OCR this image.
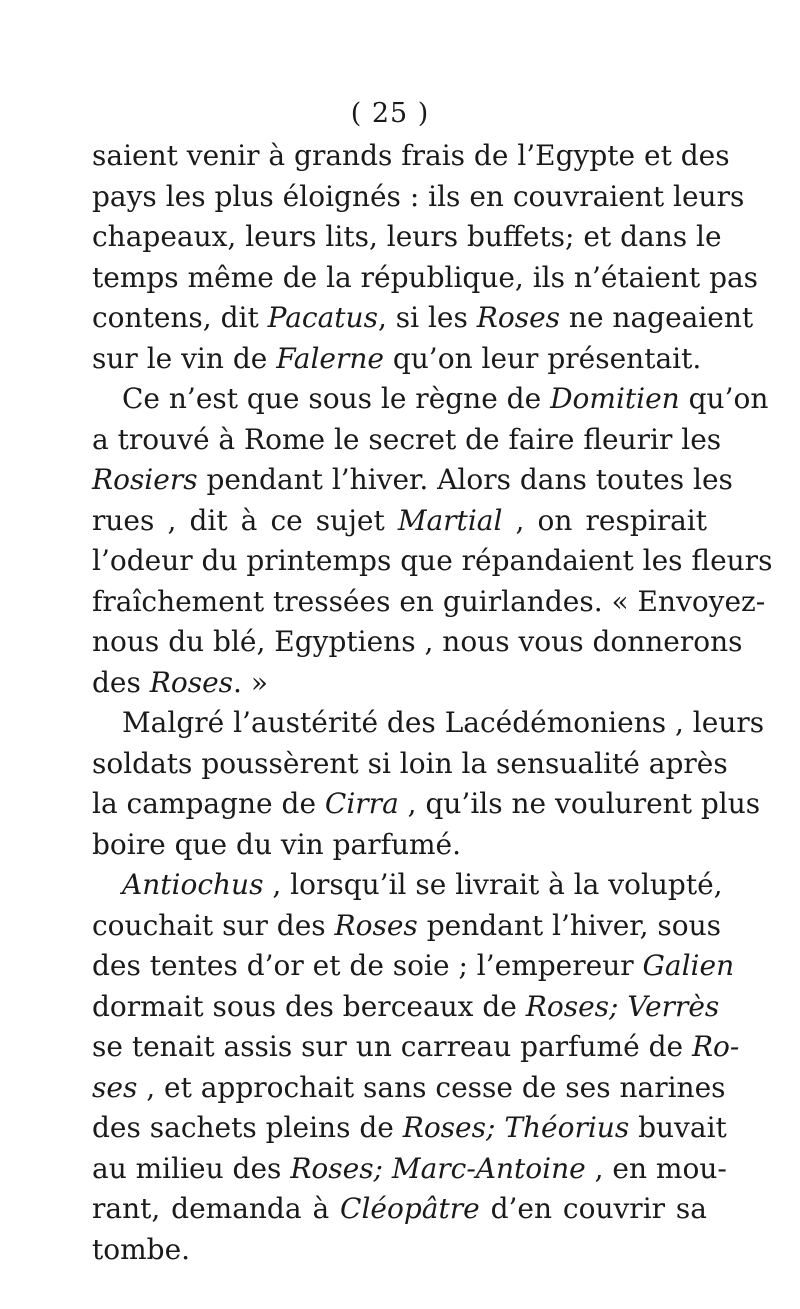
( 25 )
saient venir à grands frais de l’Egypte et des
pays les plus éloignés : ils en couvraient leurs
chapeaux, leurs lits, leurs buffets; et dans le
temps même de la république, ils n’étaient pas
contens, dit Pacatus, si les Roses ne nageaient
sur le vin de Falerne qu’on leur présentait.
Ce n’est que sous le règne de Domitien qu’on
a trouvé à Rome le secret de faire fleurir les
Rosiers pendant l’hiver. Alors dans toutes les
rues , dit à ce sujet Martial , on respirait
l’odeur du printemps que répandaient les fleurs
fraîchement tressées en guirlandes. « Envoyez-
nous du blé, Egyptiens , nous vous donnerons
des Roses. »
Malgré l’austérité des Lacédémoniens , leurs
soldats poussèrent si loin la sensualité après
la campagne de Cirra , qu’ils ne voulurent plus
boire que du vin parfumé.
Antiochus , lorsqu’il se livrait à la volupté,
couchait sur des Roses pendant l’hiver, sous
des tentes d’or et de soie ; l’empereur Galien
dormait sous des berceaux de Roses; Verrès
se tenait assis sur un carreau parfumé de Ro-
ses , et approchait sans cesse de ses narines
des sachets pleins de Roses; Théorius buvait
au milieu des Roses; Marc-Antoine , en mou-
rant, demanda à Cléopâtre d’en couvrir sa
tombe.
